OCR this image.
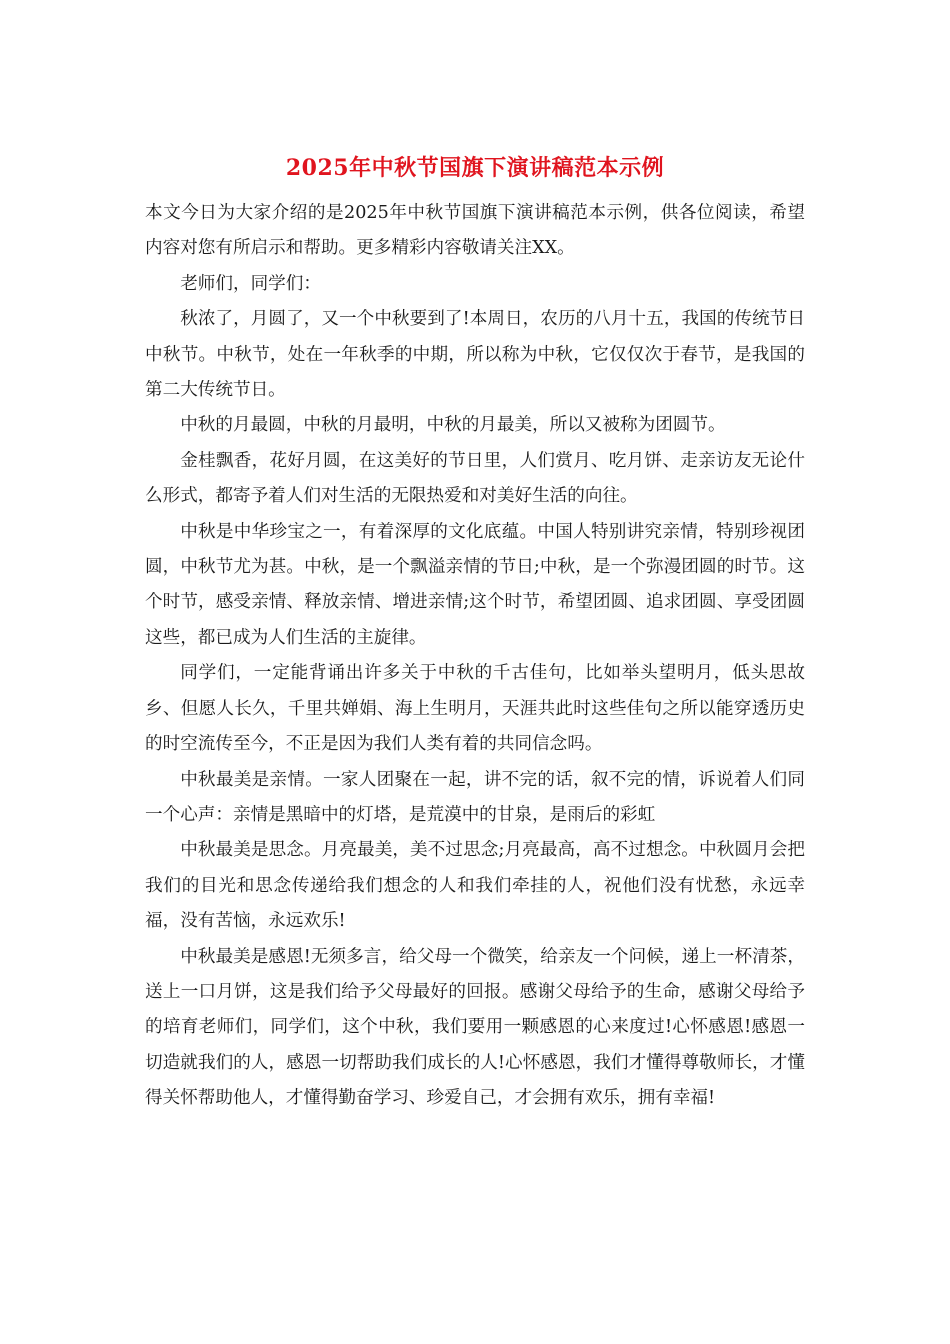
2025年中秋节国旗下演讲稿范本示例

本文今日为大家介绍的是2025年中秋节国旗下演讲稿范本示例，供各位阅读，希望内容对您有所启示和帮助。更多精彩内容敬请关注XX。

老师们，同学们：

秋浓了，月圆了，又一个中秋要到了!本周日，农历的八月十五，我国的传统节日中秋节。中秋节，处在一年秋季的中期，所以称为中秋，它仅仅次于春节，是我国的第二大传统节日。

中秋的月最圆，中秋的月最明，中秋的月最美，所以又被称为团圆节。

金桂飘香，花好月圆，在这美好的节日里，人们赏月、吃月饼、走亲访友无论什么形式，都寄予着人们对生活的无限热爱和对美好生活的向往。

中秋是中华珍宝之一，有着深厚的文化底蕴。中国人特别讲究亲情，特别珍视团圆，中秋节尤为甚。中秋，是一个飘溢亲情的节日;中秋，是一个弥漫团圆的时节。这个时节，感受亲情、释放亲情、增进亲情;这个时节，希望团圆、追求团圆、享受团圆这些，都已成为人们生活的主旋律。

同学们，一定能背诵出许多关于中秋的千古佳句，比如举头望明月，低头思故乡、但愿人长久，千里共婵娟、海上生明月，天涯共此时这些佳句之所以能穿透历史的时空流传至今，不正是因为我们人类有着的共同信念吗。

中秋最美是亲情。一家人团聚在一起，讲不完的话，叙不完的情，诉说着人们同一个心声：亲情是黑暗中的灯塔，是荒漠中的甘泉，是雨后的彩虹

中秋最美是思念。月亮最美，美不过思念;月亮最高，高不过想念。中秋圆月会把我们的目光和思念传递给我们想念的人和我们牵挂的人，祝他们没有忧愁，永远幸福，没有苦恼，永远欢乐!

中秋最美是感恩!无须多言，给父母一个微笑，给亲友一个问候，递上一杯清茶，送上一口月饼，这是我们给予父母最好的回报。感谢父母给予的生命，感谢父母给予的培育老师们，同学们，这个中秋，我们要用一颗感恩的心来度过!心怀感恩!感恩一切造就我们的人，感恩一切帮助我们成长的人!心怀感恩，我们才懂得尊敬师长，才懂得关怀帮助他人，才懂得勤奋学习、珍爱自己，才会拥有欢乐，拥有幸福!
